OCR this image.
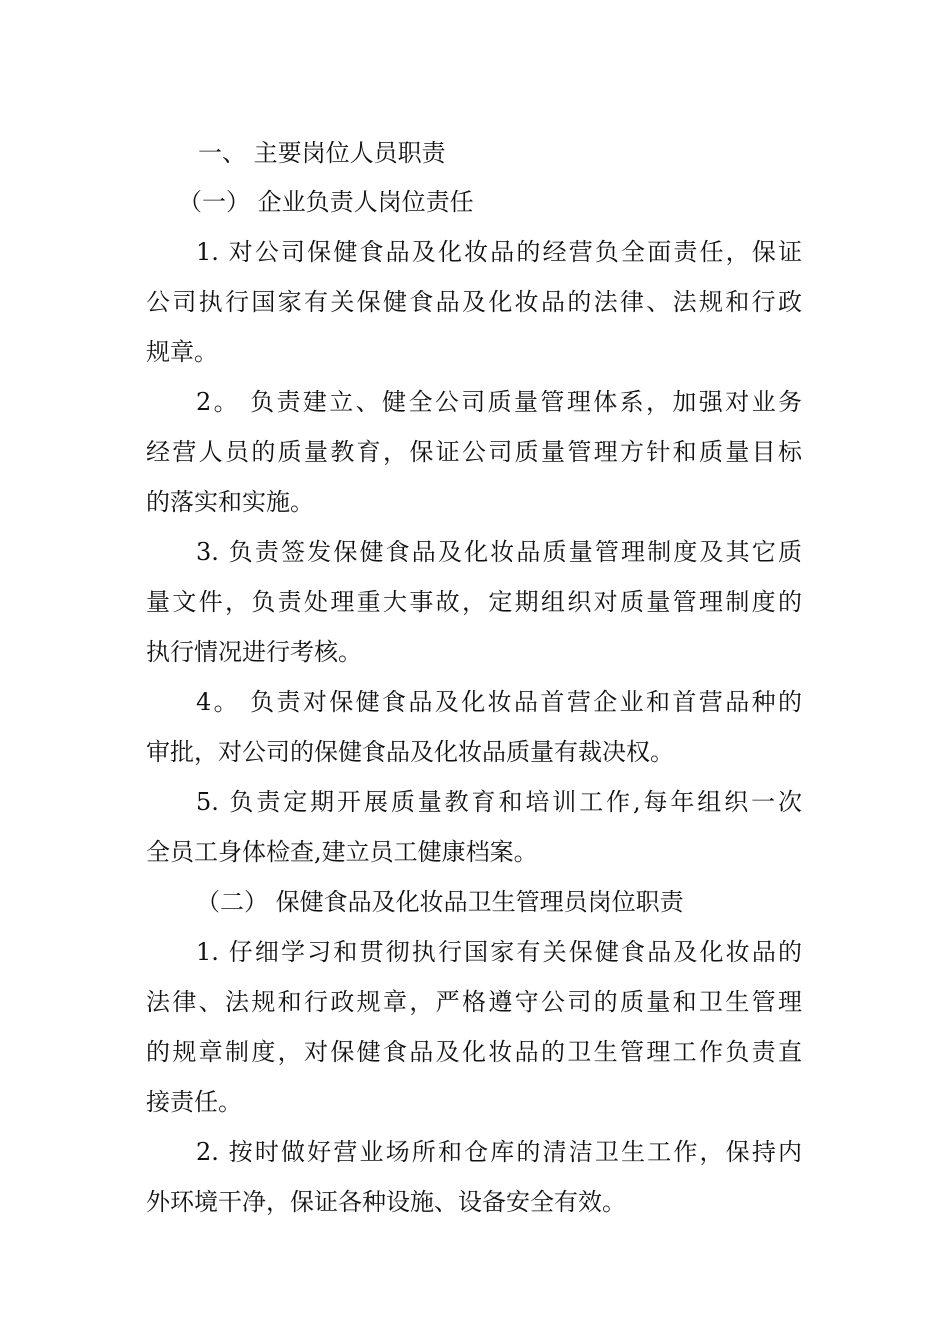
一、 主要岗位人员职责

（一） 企业负责人岗位责任

1. 对公司保健食品及化妆品的经营负全面责任，保证

公司执行国家有关保健食品及化妆品的法律、法规和行政

规章。

2。 负责建立、健全公司质量管理体系，加强对业务

经营人员的质量教育，保证公司质量管理方针和质量目标

的落实和实施。

3. 负责签发保健食品及化妆品质量管理制度及其它质

量文件，负责处理重大事故，定期组织对质量管理制度的

执行情况进行考核。

4。 负责对保健食品及化妆品首营企业和首营品种的

审批，对公司的保健食品及化妆品质量有裁决权。

5. 负责定期开展质量教育和培训工作,每年组织一次

全员工身体检查,建立员工健康档案。

（二） 保健食品及化妆品卫生管理员岗位职责

1. 仔细学习和贯彻执行国家有关保健食品及化妆品的

法律、法规和行政规章，严格遵守公司的质量和卫生管理

的规章制度，对保健食品及化妆品的卫生管理工作负责直

接责任。

2. 按时做好营业场所和仓库的清洁卫生工作，保持内

外环境干净，保证各种设施、设备安全有效。
